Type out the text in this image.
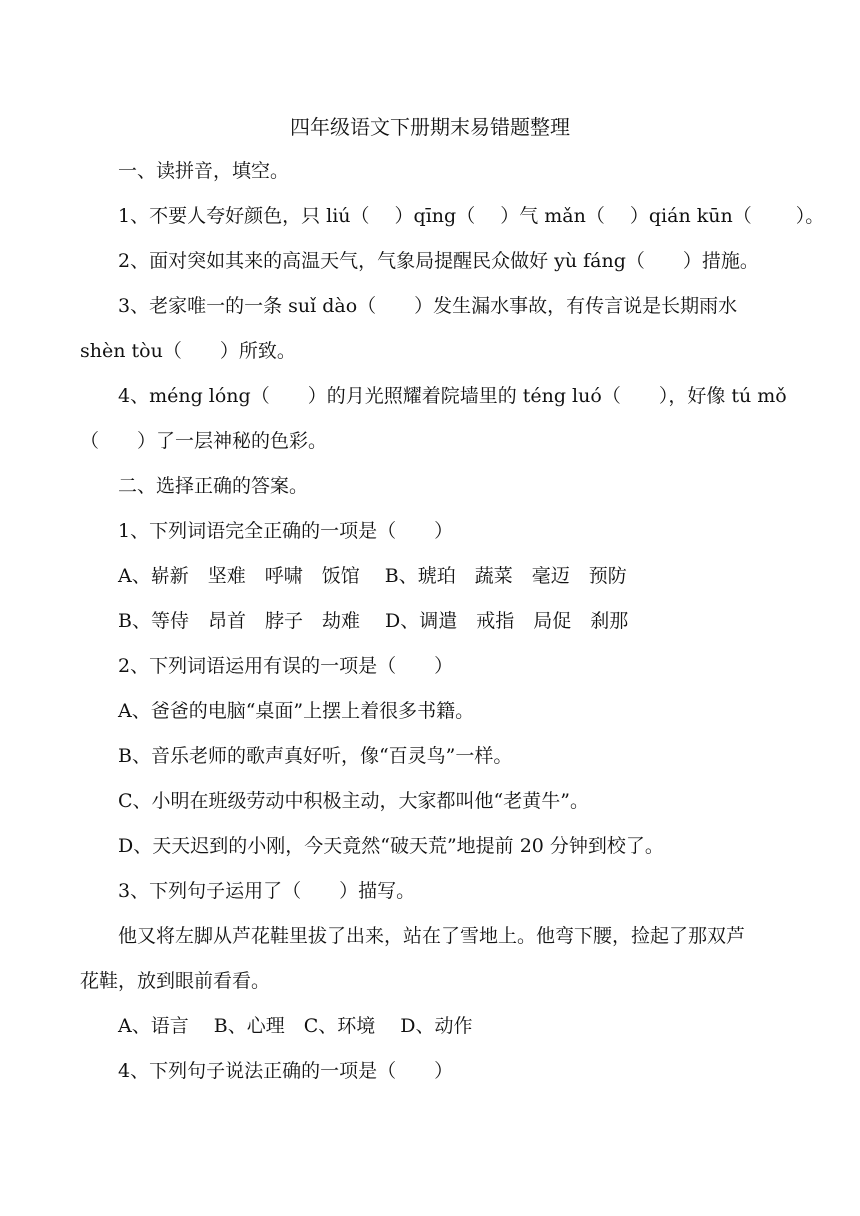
四年级语文下册期末易错题整理
一、读拼音，填空。
1、不要人夸好颜色，只 liú（　 ）qīng（　 ）气 mǎn（　 ）qián kūn（　　 ）。
2、面对突如其来的高温天气，气象局提醒民众做好 yù fáng（　　）措施。
3、老家唯一的一条 suǐ dào（　　）发生漏水事故，有传言说是长期雨水
shèn tòu（　　）所致。
4、méng lóng（　　）的月光照耀着院墙里的 téng luó（　　），好像 tú mǒ
（　　）了一层神秘的色彩。
二、选择正确的答案。
1、下列词语完全正确的一项是（　　）
A、崭新　坚难　呼啸　饭馆　 B、琥珀　蔬菜　毫迈　预防
B、等侍　昂首　脖子　劫难　 D、调遣　戒指　局促　刹那
2、下列词语运用有误的一项是（　　）
A、爸爸的电脑“桌面”上摆上着很多书籍。
B、音乐老师的歌声真好听，像“百灵鸟”一样。
C、小明在班级劳动中积极主动，大家都叫他“老黄牛”。
D、天天迟到的小刚，今天竟然“破天荒”地提前 20 分钟到校了。
3、下列句子运用了（　　）描写。
他又将左脚从芦花鞋里拔了出来，站在了雪地上。他弯下腰，捡起了那双芦
花鞋，放到眼前看看。
A、语言　 B、心理　C、环境　 D、动作
4、下列句子说法正确的一项是（　　）
